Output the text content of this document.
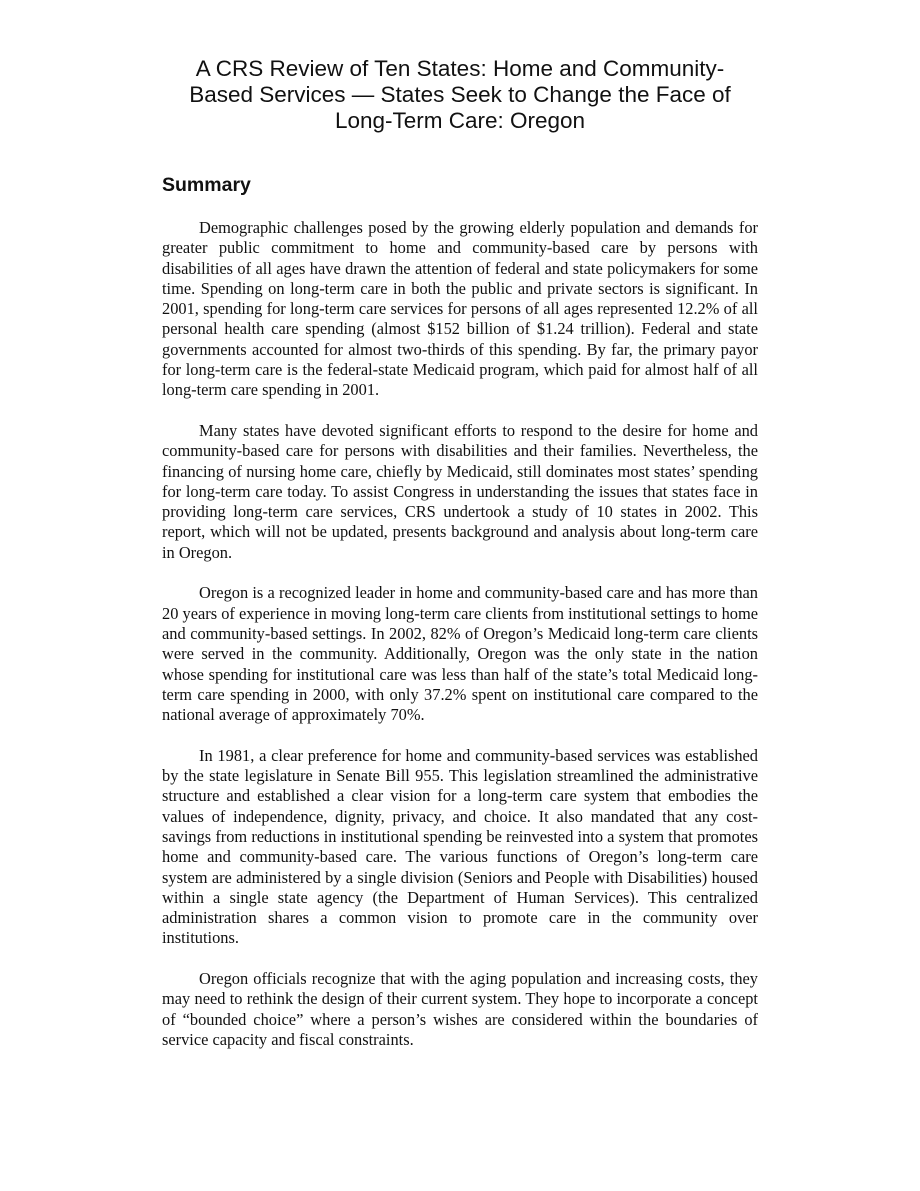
A CRS Review of Ten States: Home and Community-
Based Services — States Seek to Change the Face of
Long-Term Care: Oregon
Summary

Demographic challenges posed by the growing elderly population and demands for greater public commitment to home and community-based care by persons with disabilities of all ages have drawn the attention of federal and state policymakers for some time. Spending on long-term care in both the public and private sectors is significant. In 2001, spending for long-term care services for persons of all ages represented 12.2% of all personal health care spending (almost $152 billion of $1.24 trillion). Federal and state governments accounted for almost two-thirds of this spending. By far, the primary payor for long-term care is the federal-state Medicaid program, which paid for almost half of all long-term care spending in 2001.

Many states have devoted significant efforts to respond to the desire for home and community-based care for persons with disabilities and their families. Nevertheless, the financing of nursing home care, chiefly by Medicaid, still dominates most states’ spending for long-term care today. To assist Congress in understanding the issues that states face in providing long-term care services, CRS undertook a study of 10 states in 2002. This report, which will not be updated, presents background and analysis about long-term care in Oregon.

Oregon is a recognized leader in home and community-based care and has more than 20 years of experience in moving long-term care clients from institutional settings to home and community-based settings. In 2002, 82% of Oregon’s Medicaid long-term care clients were served in the community. Additionally, Oregon was the only state in the nation whose spending for institutional care was less than half of the state’s total Medicaid long-term care spending in 2000, with only 37.2% spent on institutional care compared to the national average of approximately 70%.

In 1981, a clear preference for home and community-based services was established by the state legislature in Senate Bill 955. This legislation streamlined the administrative structure and established a clear vision for a long-term care system that embodies the values of independence, dignity, privacy, and choice. It also mandated that any cost-savings from reductions in institutional spending be reinvested into a system that promotes home and community-based care. The various functions of Oregon’s long-term care system are administered by a single division (Seniors and People with Disabilities) housed within a single state agency (the Department of Human Services). This centralized administration shares a common vision to promote care in the community over institutions.

Oregon officials recognize that with the aging population and increasing costs, they may need to rethink the design of their current system. They hope to incorporate a concept of “bounded choice” where a person’s wishes are considered within the boundaries of service capacity and fiscal constraints.
